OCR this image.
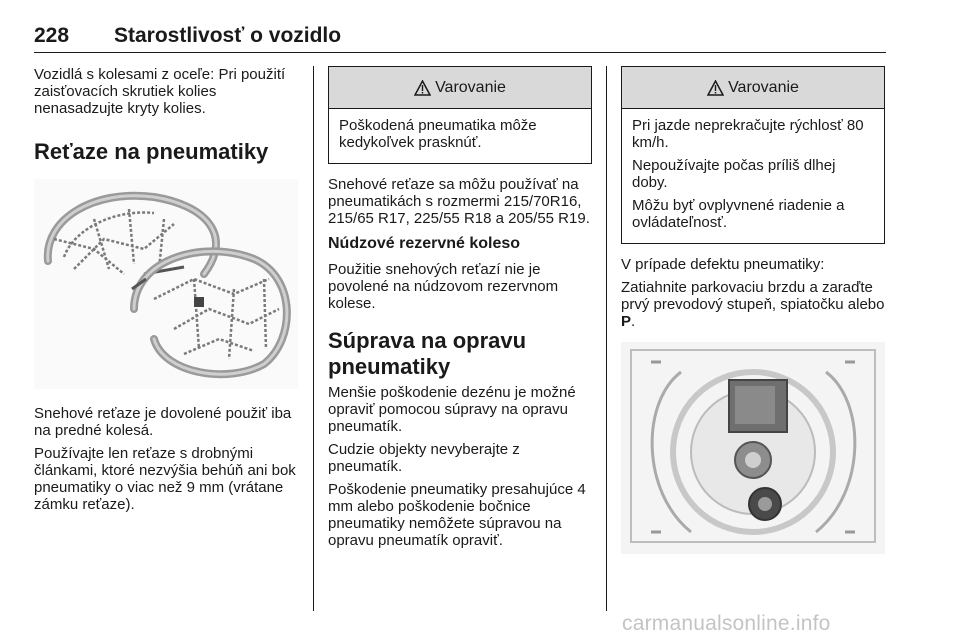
228 Starostlivosť o vozidlo

Vozidlá s kolesami z oceľe: Pri použití zaisťovacích skrutiek kolies nenasadzujte kryty kolies.

Reťaze na pneumatiky

Snehové reťaze je dovolené použiť iba na predné kolesá.

Používajte len reťaze s drobnými článkami, ktoré nezvýšia behúň ani bok pneumatiky o viac než 9 mm (vrátane zámku reťaze).

Varovanie

Poškodená pneumatika môže kedykoľvek prasknúť.

Snehové reťaze sa môžu používať na pneumatikách s rozmermi 215/70R16, 215/65 R17, 225/55 R18 a 205/55 R19.

Núdzové rezervné koleso

Použitie snehových reťazí nie je povolené na núdzovom rezervnom kolese.

Súprava na opravu pneumatiky

Menšie poškodenie dezénu je možné opraviť pomocou súpravy na opravu pneumatík.

Cudzie objekty nevyberajte z pneumatík.

Poškodenie pneumatiky presahujúce 4 mm alebo poškodenie bočnice pneumatiky nemôžete súpravou na opravu pneumatík opraviť.

Varovanie

Pri jazde neprekračujte rýchlosť 80 km/h.

Nepoužívajte počas príliš dlhej doby.

Môžu byť ovplyvnené riadenie a ovládateľnosť.

V prípade defektu pneumatiky:

Zatiahnite parkovaciu brzdu a zaraďte prvý prevodový stupeň, spiatočku alebo P.

carmanualsonline.info
